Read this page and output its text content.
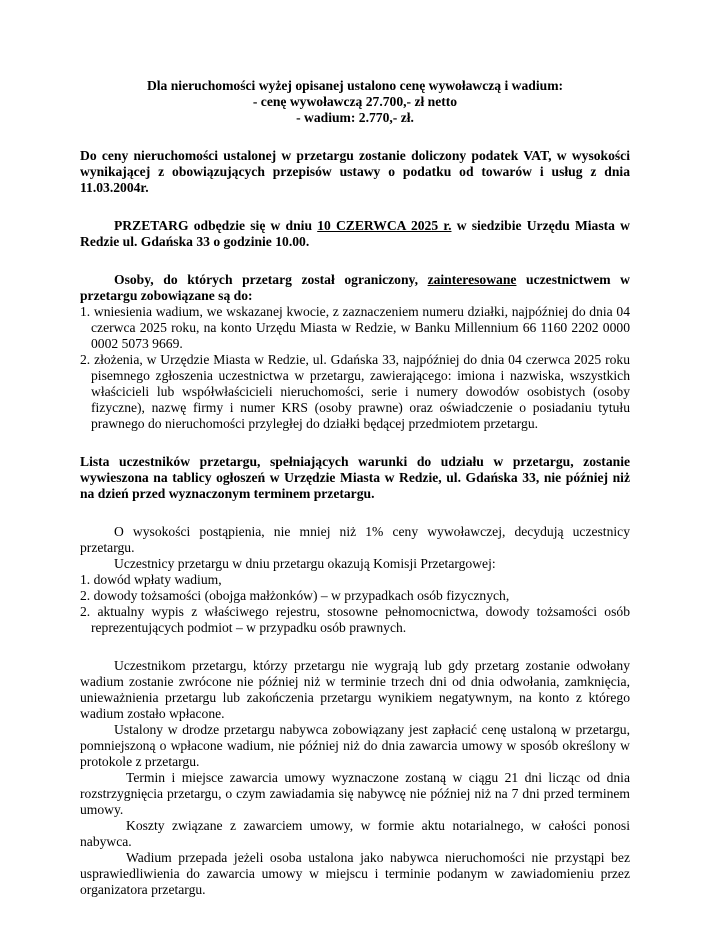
Dla nieruchomości wyżej opisanej ustalono cenę wywoławczą i wadium:

- cenę wywoławczą 27.700,- zł netto

- wadium: 2.770,- zł.

Do ceny nieruchomości ustalonej w przetargu zostanie doliczony podatek VAT, w wysokości wynikającej z obowiązujących przepisów ustawy o podatku od towarów i usług z dnia 11.03.2004r.

PRZETARG odbędzie się w dniu 10 CZERWCA 2025 r. w siedzibie Urzędu Miasta w Redzie ul. Gdańska 33 o godzinie 10.00.

Osoby, do których przetarg został ograniczony, zainteresowane uczestnictwem w przetargu zobowiązane są do:

1. wniesienia wadium, we wskazanej kwocie, z zaznaczeniem numeru działki, najpóźniej do dnia 04 czerwca 2025 roku, na konto Urzędu Miasta w Redzie, w Banku Millennium 66 1160 2202 0000 0002 5073 9669.

2. złożenia, w Urzędzie Miasta w Redzie, ul. Gdańska 33, najpóźniej do dnia 04 czerwca 2025 roku pisemnego zgłoszenia uczestnictwa w przetargu, zawierającego: imiona i nazwiska, wszystkich właścicieli lub współwłaścicieli nieruchomości, serie i numery dowodów osobistych (osoby fizyczne), nazwę firmy i numer KRS (osoby prawne) oraz oświadczenie o posiadaniu tytułu prawnego do nieruchomości przyległej do działki będącej przedmiotem przetargu.

Lista uczestników przetargu, spełniających warunki do udziału w przetargu, zostanie wywieszona na tablicy ogłoszeń w Urzędzie Miasta w Redzie, ul. Gdańska 33, nie później niż na dzień przed wyznaczonym terminem przetargu.

O wysokości postąpienia, nie mniej niż 1% ceny wywoławczej, decydują uczestnicy przetargu.

Uczestnicy przetargu w dniu przetargu okazują Komisji Przetargowej:

1. dowód wpłaty wadium,

2. dowody tożsamości (obojga małżonków) – w przypadkach osób fizycznych,

2. aktualny wypis z właściwego rejestru, stosowne pełnomocnictwa, dowody tożsamości osób reprezentujących podmiot – w przypadku osób prawnych.

Uczestnikom przetargu, którzy przetargu nie wygrają lub gdy przetarg zostanie odwołany wadium zostanie zwrócone nie później niż w terminie trzech dni od dnia odwołania, zamknięcia, unieważnienia przetargu lub zakończenia przetargu wynikiem negatywnym, na konto z którego wadium zostało wpłacone.

Ustalony w drodze przetargu nabywca zobowiązany jest zapłacić cenę ustaloną w przetargu, pomniejszoną o wpłacone wadium, nie później niż do dnia zawarcia umowy w sposób określony w protokole z przetargu.

Termin i miejsce zawarcia umowy wyznaczone zostaną w ciągu 21 dni licząc od dnia rozstrzygnięcia przetargu, o czym zawiadamia się nabywcę nie później niż na 7 dni przed terminem umowy.

Koszty związane z zawarciem umowy, w formie aktu notarialnego, w całości ponosi nabywca.

Wadium przepada jeżeli osoba ustalona jako nabywca nieruchomości nie przystąpi bez usprawiedliwienia do zawarcia umowy w miejscu i terminie podanym w zawiadomieniu przez organizatora przetargu.
